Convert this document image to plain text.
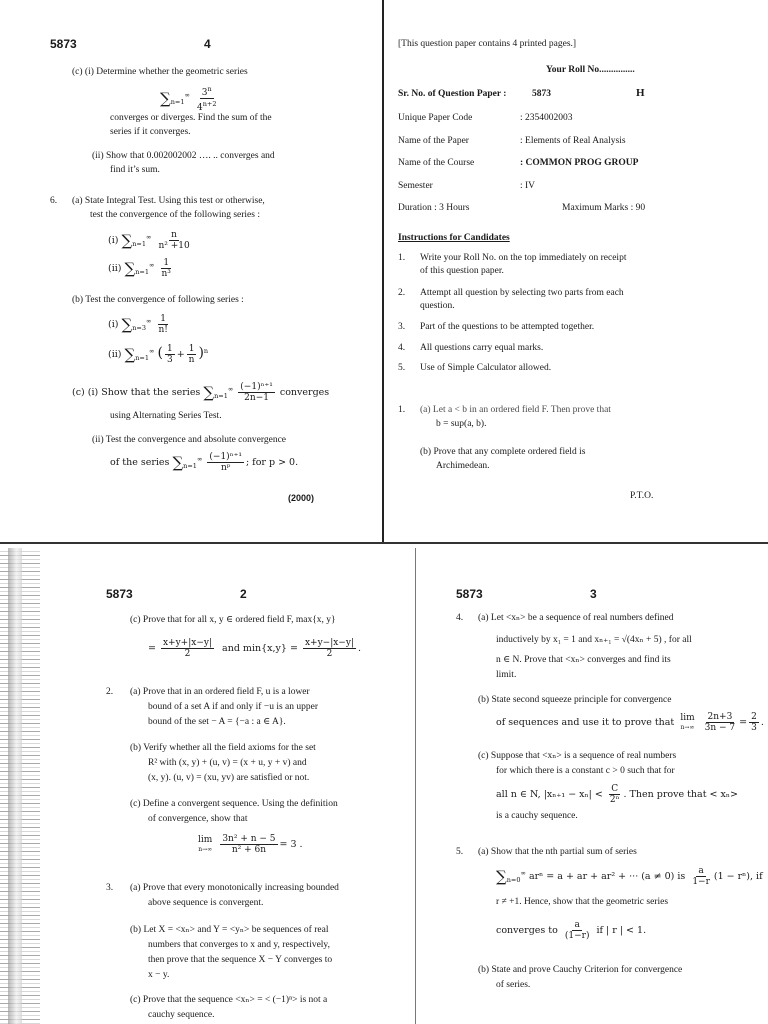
5873	4
(c) (i) Determine whether the geometric series
$\sum_{n=1}^\infty \frac{3^n}{4^{n+2}}$
converges or diverges. Find the sum of the
series if it converges.
(ii) Show that 0.002002002 …. .. converges and
find it’s sum.
6. (a) State Integral Test. Using this test or otherwise,
test the convergence of the following series :
(i) $\sum_{n=1}^\infty \frac{n}{\text{n² +10}}$
(ii) $\sum_{n=1}^\infty \frac{1}{\text{n³}}$
(b) Test the convergence of following series :
(i) $\sum_{n=3}^\infty \frac{1}{n!}$
(ii) $\sum_{n=1}^\infty$ ( $\frac{1}{3} + \frac{1}{n} )^n$
(c) (i) Show that the series $\sum_{n=1}^\infty \frac{\text{(−1)ⁿ⁺¹}}{2n-1}$ converges
using Alternating Series Test.
(ii) Test the convergence and absolute convergence
of the series $\sum_{n=1}^\infty \frac{\text{(−1)ⁿ⁺¹}}{\text{nᵖ}}$ ; for p > 0.
(2000)
[This question paper contains 4 printed pages.]
Your Roll No...............
Sr. No. of Question Paper :	5873	H
Unique Paper Code	: 2354002003
Name of the Paper	: Elements of Real Analysis
Name of the Course	: COMMON PROG GROUP
Semester	: IV
Duration : 3 Hours	Maximum Marks : 90
Instructions for Candidates
1. Write your Roll No. on the top immediately on receipt
of this question paper.
2. Attempt all question by selecting two parts from each
question.
3. Part of the questions to be attempted together.
4. All questions carry equal marks.
5. Use of Simple Calculator allowed.
1. (a) Let a < b in an ordered field F. Then prove that
b = sup(a, b).
(b) Prove that any complete ordered field is
Archimedean.
P.T.O.
5873	2
(c) Prove that for all x, y ∈ ordered field F, max{x, y}
= $\frac{x+y+|x-y|}{2}$ and $\min\{x,y\} = \frac{x+y-|x-y|}{2}$ .
2. (a) Prove that in an ordered field F, u is a lower
bound of a set A if and only if −u is an upper
bound of the set − A = {−a : a ∈ A}.
(b) Verify whether all the field axioms for the set
R² with (x, y) + (u, v) = (x + u, y + v) and
(x, y). (u, v) = (xu, yv) are satisfied or not.
(c) Define a convergent sequence. Using the definition
of convergence, show that
lim
n→∞
$\frac{\text{3n² + n − 5}}{\text{n² + 6n}} = 3$ .
3. (a) Prove that every monotonically increasing bounded
above sequence is convergent.
(b) Let X = <xₙ> and Y = <yₙ> be sequences of real
numbers that converges to x and y, respectively,
then prove that the sequence X − Y converges to
x − y.
(c) Prove that the sequence <xₙ> = < (−1)ⁿ> is not a
cauchy sequence.
5873	3
4. (a) Let <xₙ> be a sequence of real numbers defined
inductively by x₁ = 1 and xₙ₊₁ = √(4xₙ + 5) , for all
n ∈ N. Prove that <xₙ> converges and find its
limit.
(b) State second squeeze principle for convergence
of sequences and use it to prove that lim
n→∞
$\frac{2n+3}{3n - 7} = \frac{2}{3}$ .
(c) Suppose that <xₙ> is a sequence of real numbers
for which there is a constant c > 0 such that for
all n ∈ N, $|x_{n+1} - x_n| < \frac{C}{\text{2ⁿ}}$ . Then prove that < xₙ>
is a cauchy sequence.
5. (a) Show that the nth partial sum of series
$\sum_{n=0}^\infty$ arⁿ = a + ar + ar² + ··· (a ≠ 0) is $\frac{a}{1-r} (1 - r^n)$, if
r ≠ +1. Hence, show that the geometric series
converges to $\frac{a}{(1-r)}$ if | r | < 1.
(b) State and prove Cauchy Criterion for convergence
of series.
